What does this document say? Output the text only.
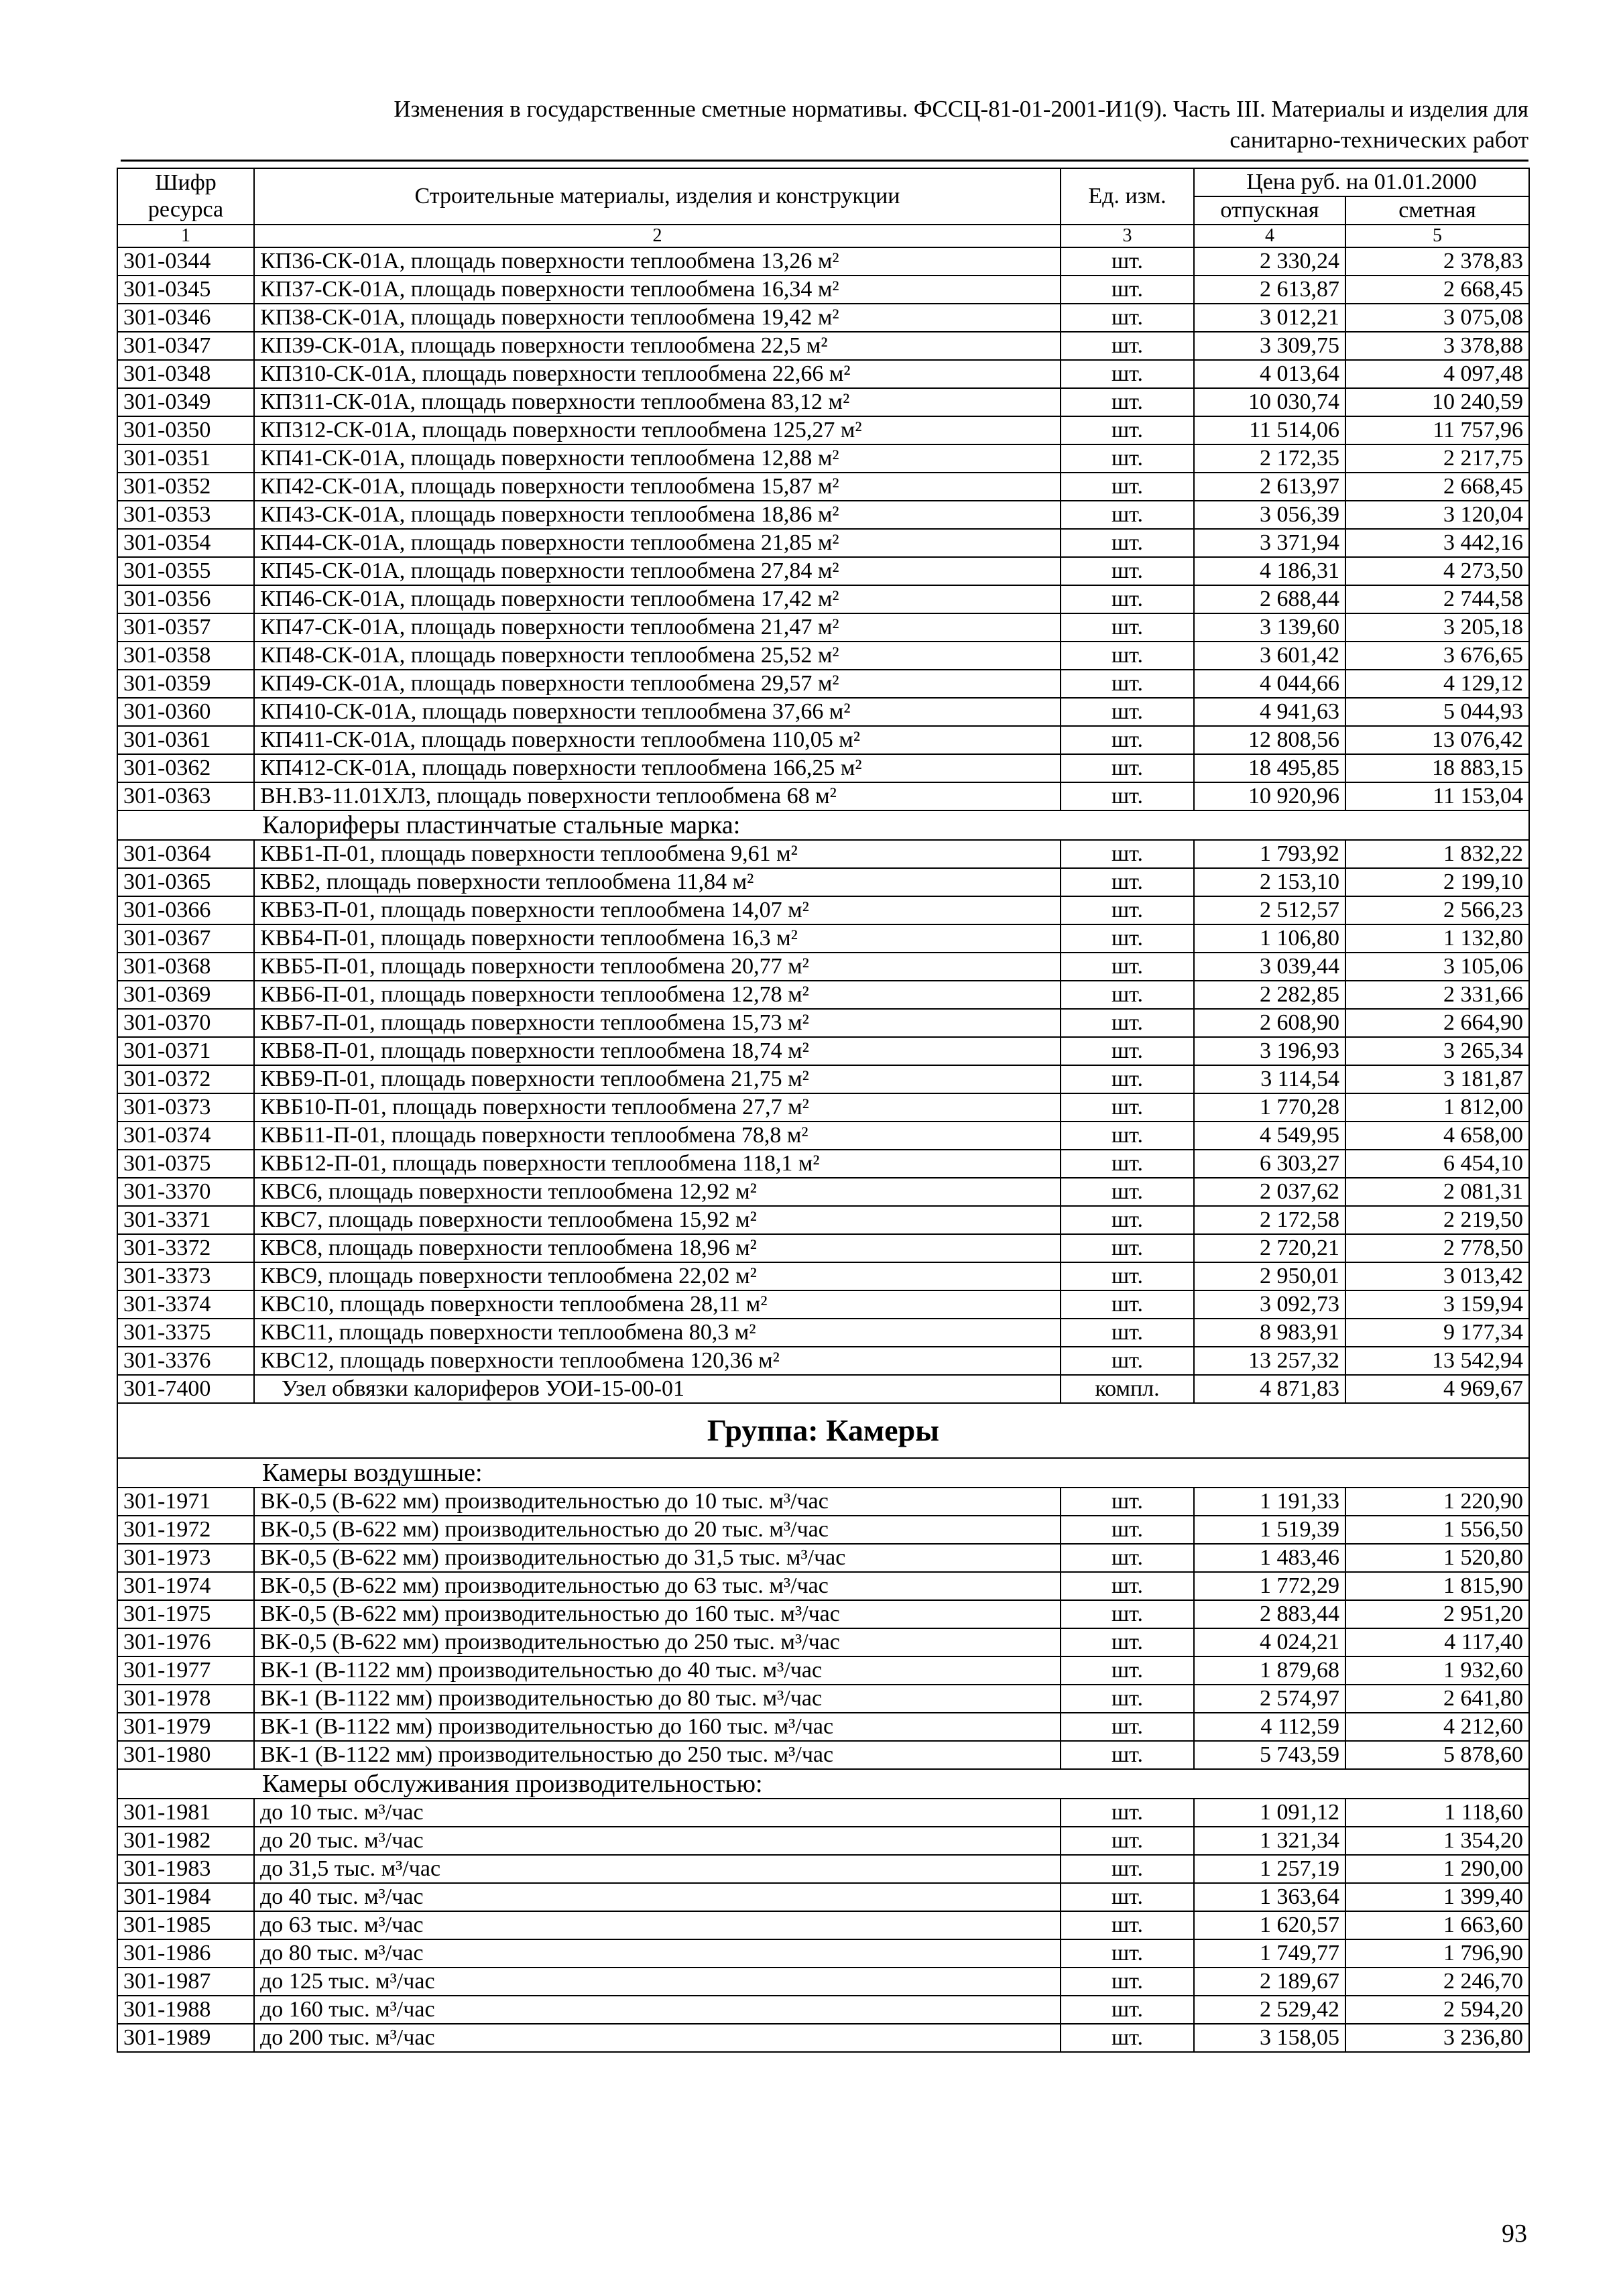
Изменения в государственные сметные нормативы. ФССЦ-81-01-2001-И1(9). Часть III. Материалы и изделия для
санитарно-технических работ
Шифр ресурса	Строительные материалы, изделия и конструкции	Ед. изм.	Цена руб. на 01.01.2000	
			отпускная	сметная
1	2	3	4	5
301-0344	КП36-СК-01А, площадь поверхности теплообмена 13,26 м²	шт.	2 330,24	2 378,83
301-0345	КП37-СК-01А, площадь поверхности теплообмена 16,34 м²	шт.	2 613,87	2 668,45
301-0346	КП38-СК-01А, площадь поверхности теплообмена 19,42 м²	шт.	3 012,21	3 075,08
301-0347	КП39-СК-01А, площадь поверхности теплообмена 22,5 м²	шт.	3 309,75	3 378,88
301-0348	КП310-СК-01А, площадь поверхности теплообмена 22,66 м²	шт.	4 013,64	4 097,48
301-0349	КП311-СК-01А, площадь поверхности теплообмена 83,12 м²	шт.	10 030,74	10 240,59
301-0350	КП312-СК-01А, площадь поверхности теплообмена 125,27 м²	шт.	11 514,06	11 757,96
301-0351	КП41-СК-01А, площадь поверхности теплообмена 12,88 м²	шт.	2 172,35	2 217,75
301-0352	КП42-СК-01А, площадь поверхности теплообмена 15,87 м²	шт.	2 613,97	2 668,45
301-0353	КП43-СК-01А, площадь поверхности теплообмена 18,86 м²	шт.	3 056,39	3 120,04
301-0354	КП44-СК-01А, площадь поверхности теплообмена 21,85 м²	шт.	3 371,94	3 442,16
301-0355	КП45-СК-01А, площадь поверхности теплообмена 27,84 м²	шт.	4 186,31	4 273,50
301-0356	КП46-СК-01А, площадь поверхности теплообмена 17,42 м²	шт.	2 688,44	2 744,58
301-0357	КП47-СК-01А, площадь поверхности теплообмена 21,47 м²	шт.	3 139,60	3 205,18
301-0358	КП48-СК-01А, площадь поверхности теплообмена 25,52 м²	шт.	3 601,42	3 676,65
301-0359	КП49-СК-01А, площадь поверхности теплообмена 29,57 м²	шт.	4 044,66	4 129,12
301-0360	КП410-СК-01А, площадь поверхности теплообмена 37,66 м²	шт.	4 941,63	5 044,93
301-0361	КП411-СК-01А, площадь поверхности теплообмена 110,05 м²	шт.	12 808,56	13 076,42
301-0362	КП412-СК-01А, площадь поверхности теплообмена 166,25 м²	шт.	18 495,85	18 883,15
301-0363	ВН.В3-11.01ХЛ3, площадь поверхности теплообмена 68 м²	шт.	10 920,96	11 153,04
	Калориферы пластинчатые стальные марка:			
301-0364	КВБ1-П-01, площадь поверхности теплообмена 9,61 м²	шт.	1 793,92	1 832,22
301-0365	КВБ2, площадь поверхности теплообмена 11,84 м²	шт.	2 153,10	2 199,10
301-0366	КВБ3-П-01, площадь поверхности теплообмена 14,07 м²	шт.	2 512,57	2 566,23
301-0367	КВБ4-П-01, площадь поверхности теплообмена 16,3 м²	шт.	1 106,80	1 132,80
301-0368	КВБ5-П-01, площадь поверхности теплообмена 20,77 м²	шт.	3 039,44	3 105,06
301-0369	КВБ6-П-01, площадь поверхности теплообмена 12,78 м²	шт.	2 282,85	2 331,66
301-0370	КВБ7-П-01, площадь поверхности теплообмена 15,73 м²	шт.	2 608,90	2 664,90
301-0371	КВБ8-П-01, площадь поверхности теплообмена 18,74 м²	шт.	3 196,93	3 265,34
301-0372	КВБ9-П-01, площадь поверхности теплообмена 21,75 м²	шт.	3 114,54	3 181,87
301-0373	КВБ10-П-01, площадь поверхности теплообмена 27,7 м²	шт.	1 770,28	1 812,00
301-0374	КВБ11-П-01, площадь поверхности теплообмена 78,8 м²	шт.	4 549,95	4 658,00
301-0375	КВБ12-П-01, площадь поверхности теплообмена 118,1 м²	шт.	6 303,27	6 454,10
301-3370	КВС6, площадь поверхности теплообмена 12,92 м²	шт.	2 037,62	2 081,31
301-3371	КВС7, площадь поверхности теплообмена 15,92 м²	шт.	2 172,58	2 219,50
301-3372	КВС8, площадь поверхности теплообмена 18,96 м²	шт.	2 720,21	2 778,50
301-3373	КВС9, площадь поверхности теплообмена 22,02 м²	шт.	2 950,01	3 013,42
301-3374	КВС10, площадь поверхности теплообмена 28,11 м²	шт.	3 092,73	3 159,94
301-3375	КВС11, площадь поверхности теплообмена 80,3 м²	шт.	8 983,91	9 177,34
301-3376	КВС12, площадь поверхности теплообмена 120,36 м²	шт.	13 257,32	13 542,94
301-7400	Узел обвязки калориферов УОИ-15-00-01	компл.	4 871,83	4 969,67
Группа: Камеры				
	Камеры воздушные:			
301-1971	ВК-0,5 (В-622 мм) производительностью до 10 тыс. м³/час	шт.	1 191,33	1 220,90
301-1972	ВК-0,5 (В-622 мм) производительностью до 20 тыс. м³/час	шт.	1 519,39	1 556,50
301-1973	ВК-0,5 (В-622 мм) производительностью до 31,5 тыс. м³/час	шт.	1 483,46	1 520,80
301-1974	ВК-0,5 (В-622 мм) производительностью до 63 тыс. м³/час	шт.	1 772,29	1 815,90
301-1975	ВК-0,5 (В-622 мм) производительностью до 160 тыс. м³/час	шт.	2 883,44	2 951,20
301-1976	ВК-0,5 (В-622 мм) производительностью до 250 тыс. м³/час	шт.	4 024,21	4 117,40
301-1977	ВК-1 (В-1122 мм) производительностью до 40 тыс. м³/час	шт.	1 879,68	1 932,60
301-1978	ВК-1 (В-1122 мм) производительностью до 80 тыс. м³/час	шт.	2 574,97	2 641,80
301-1979	ВК-1 (В-1122 мм) производительностью до 160 тыс. м³/час	шт.	4 112,59	4 212,60
301-1980	ВК-1 (В-1122 мм) производительностью до 250 тыс. м³/час	шт.	5 743,59	5 878,60
	Камеры обслуживания производительностью:			
301-1981	до 10 тыс. м³/час	шт.	1 091,12	1 118,60
301-1982	до 20 тыс. м³/час	шт.	1 321,34	1 354,20
301-1983	до 31,5 тыс. м³/час	шт.	1 257,19	1 290,00
301-1984	до 40 тыс. м³/час	шт.	1 363,64	1 399,40
301-1985	до 63 тыс. м³/час	шт.	1 620,57	1 663,60
301-1986	до 80 тыс. м³/час	шт.	1 749,77	1 796,90
301-1987	до 125 тыс. м³/час	шт.	2 189,67	2 246,70
301-1988	до 160 тыс. м³/час	шт.	2 529,42	2 594,20
301-1989	до 200 тыс. м³/час	шт.	3 158,05	3 236,80
93
